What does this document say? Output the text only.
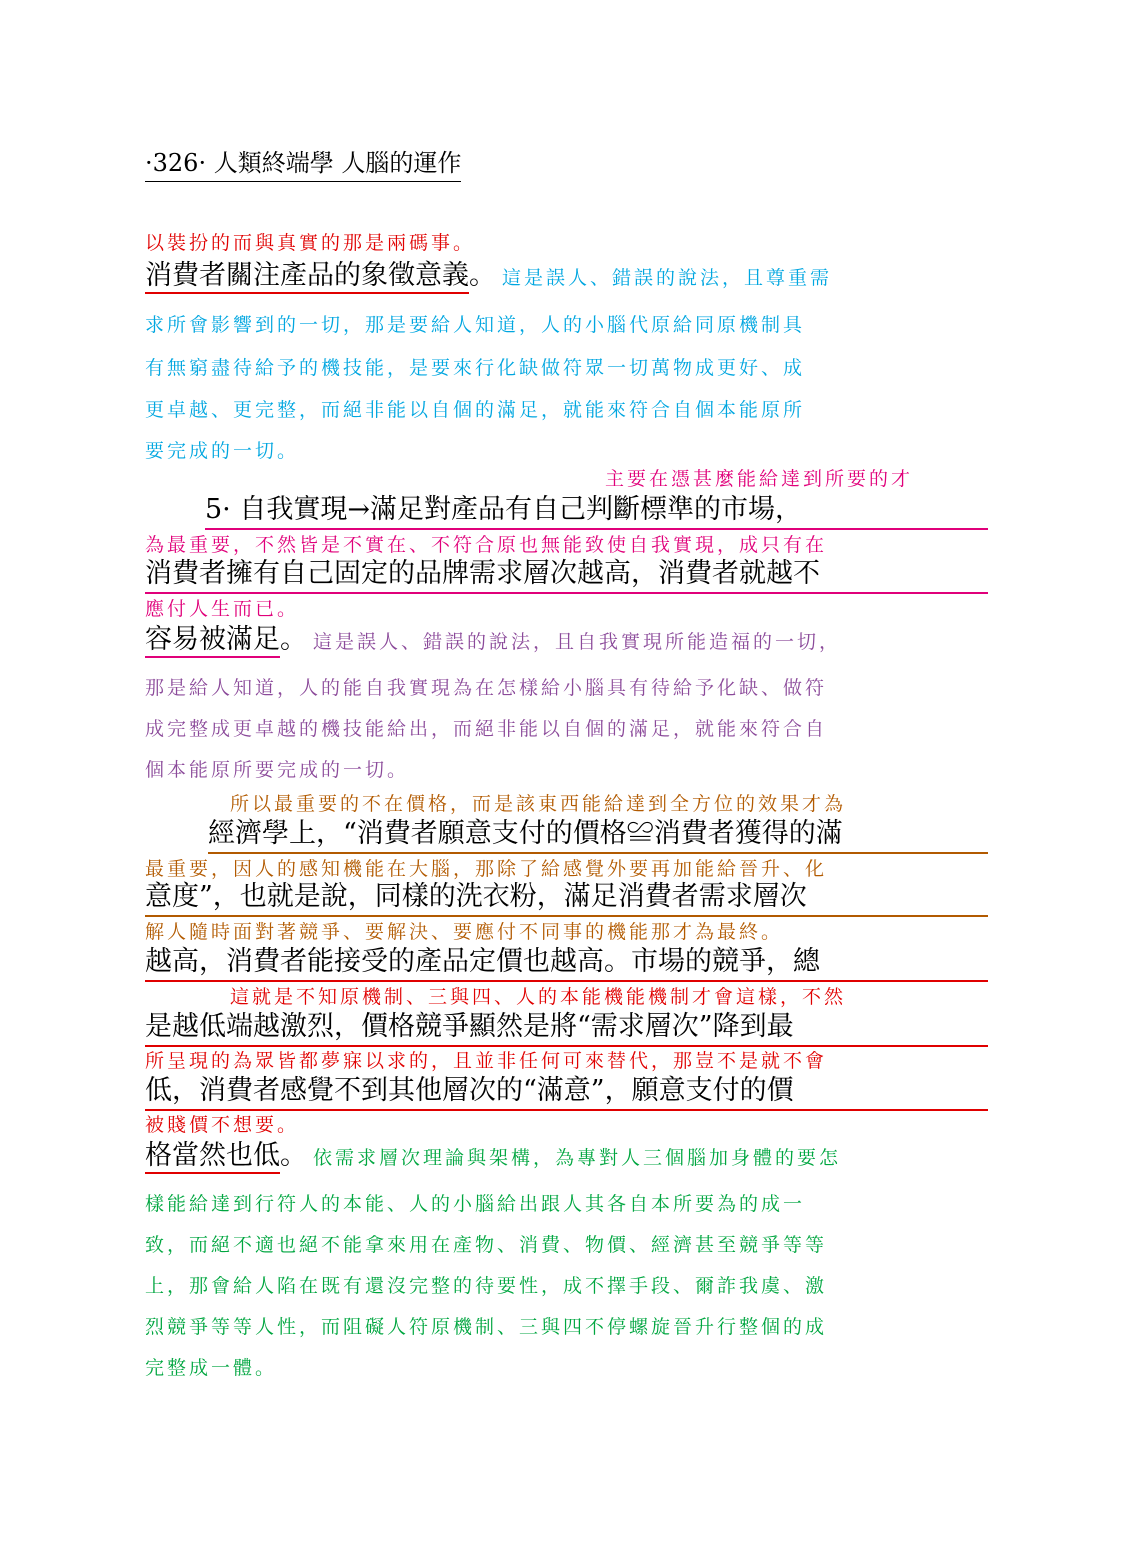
·326· 人類終端學 人腦的運作
以裝扮的而與真實的那是兩碼事。
消費者關注產品的象徵意義。 這是誤人、錯誤的說法，且尊重需
求所會影響到的一切，那是要給人知道，人的小腦代原給同原機制具
有無窮盡待給予的機技能，是要來行化缺做符眾一切萬物成更好、成
更卓越、更完整，而絕非能以自個的滿足，就能來符合自個本能原所
要完成的一切。
主要在憑甚麼能給達到所要的才
5· 自我實現→滿足對產品有自己判斷標準的市場，
為最重要，不然皆是不實在、不符合原也無能致使自我實現，成只有在
消費者擁有自己固定的品牌需求層次越高，消費者就越不
應付人生而已。
容易被滿足。 這是誤人、錯誤的說法，且自我實現所能造福的一切，
那是給人知道，人的能自我實現為在怎樣給小腦具有待給予化缺、做符
成完整成更卓越的機技能給出，而絕非能以自個的滿足，就能來符合自
個本能原所要完成的一切。
所以最重要的不在價格，而是該東西能給達到全方位的效果才為
經濟學上，“消費者願意支付的價格≌消費者獲得的滿
最重要，因人的感知機能在大腦，那除了給感覺外要再加能給晉升、化
意度”，也就是說，同樣的洗衣粉，滿足消費者需求層次
解人隨時面對著競爭、要解決、要應付不同事的機能那才為最終。
越高，消費者能接受的產品定價也越高。市場的競爭，總
這就是不知原機制、三與四、人的本能機能機制才會這樣，不然
是越低端越激烈，價格競爭顯然是將“需求層次”降到最
所呈現的為眾皆都夢寐以求的，且並非任何可來替代，那豈不是就不會
低，消費者感覺不到其他層次的“滿意”，願意支付的價
被賤價不想要。
格當然也低。 依需求層次理論與架構，為專對人三個腦加身體的要怎
樣能給達到行符人的本能、人的小腦給出跟人其各自本所要為的成一
致，而絕不適也絕不能拿來用在產物、消費、物價、經濟甚至競爭等等
上，那會給人陷在既有還沒完整的待要性，成不擇手段、爾詐我虞、激
烈競爭等等人性，而阻礙人符原機制、三與四不停螺旋晉升行整個的成
完整成一體。
